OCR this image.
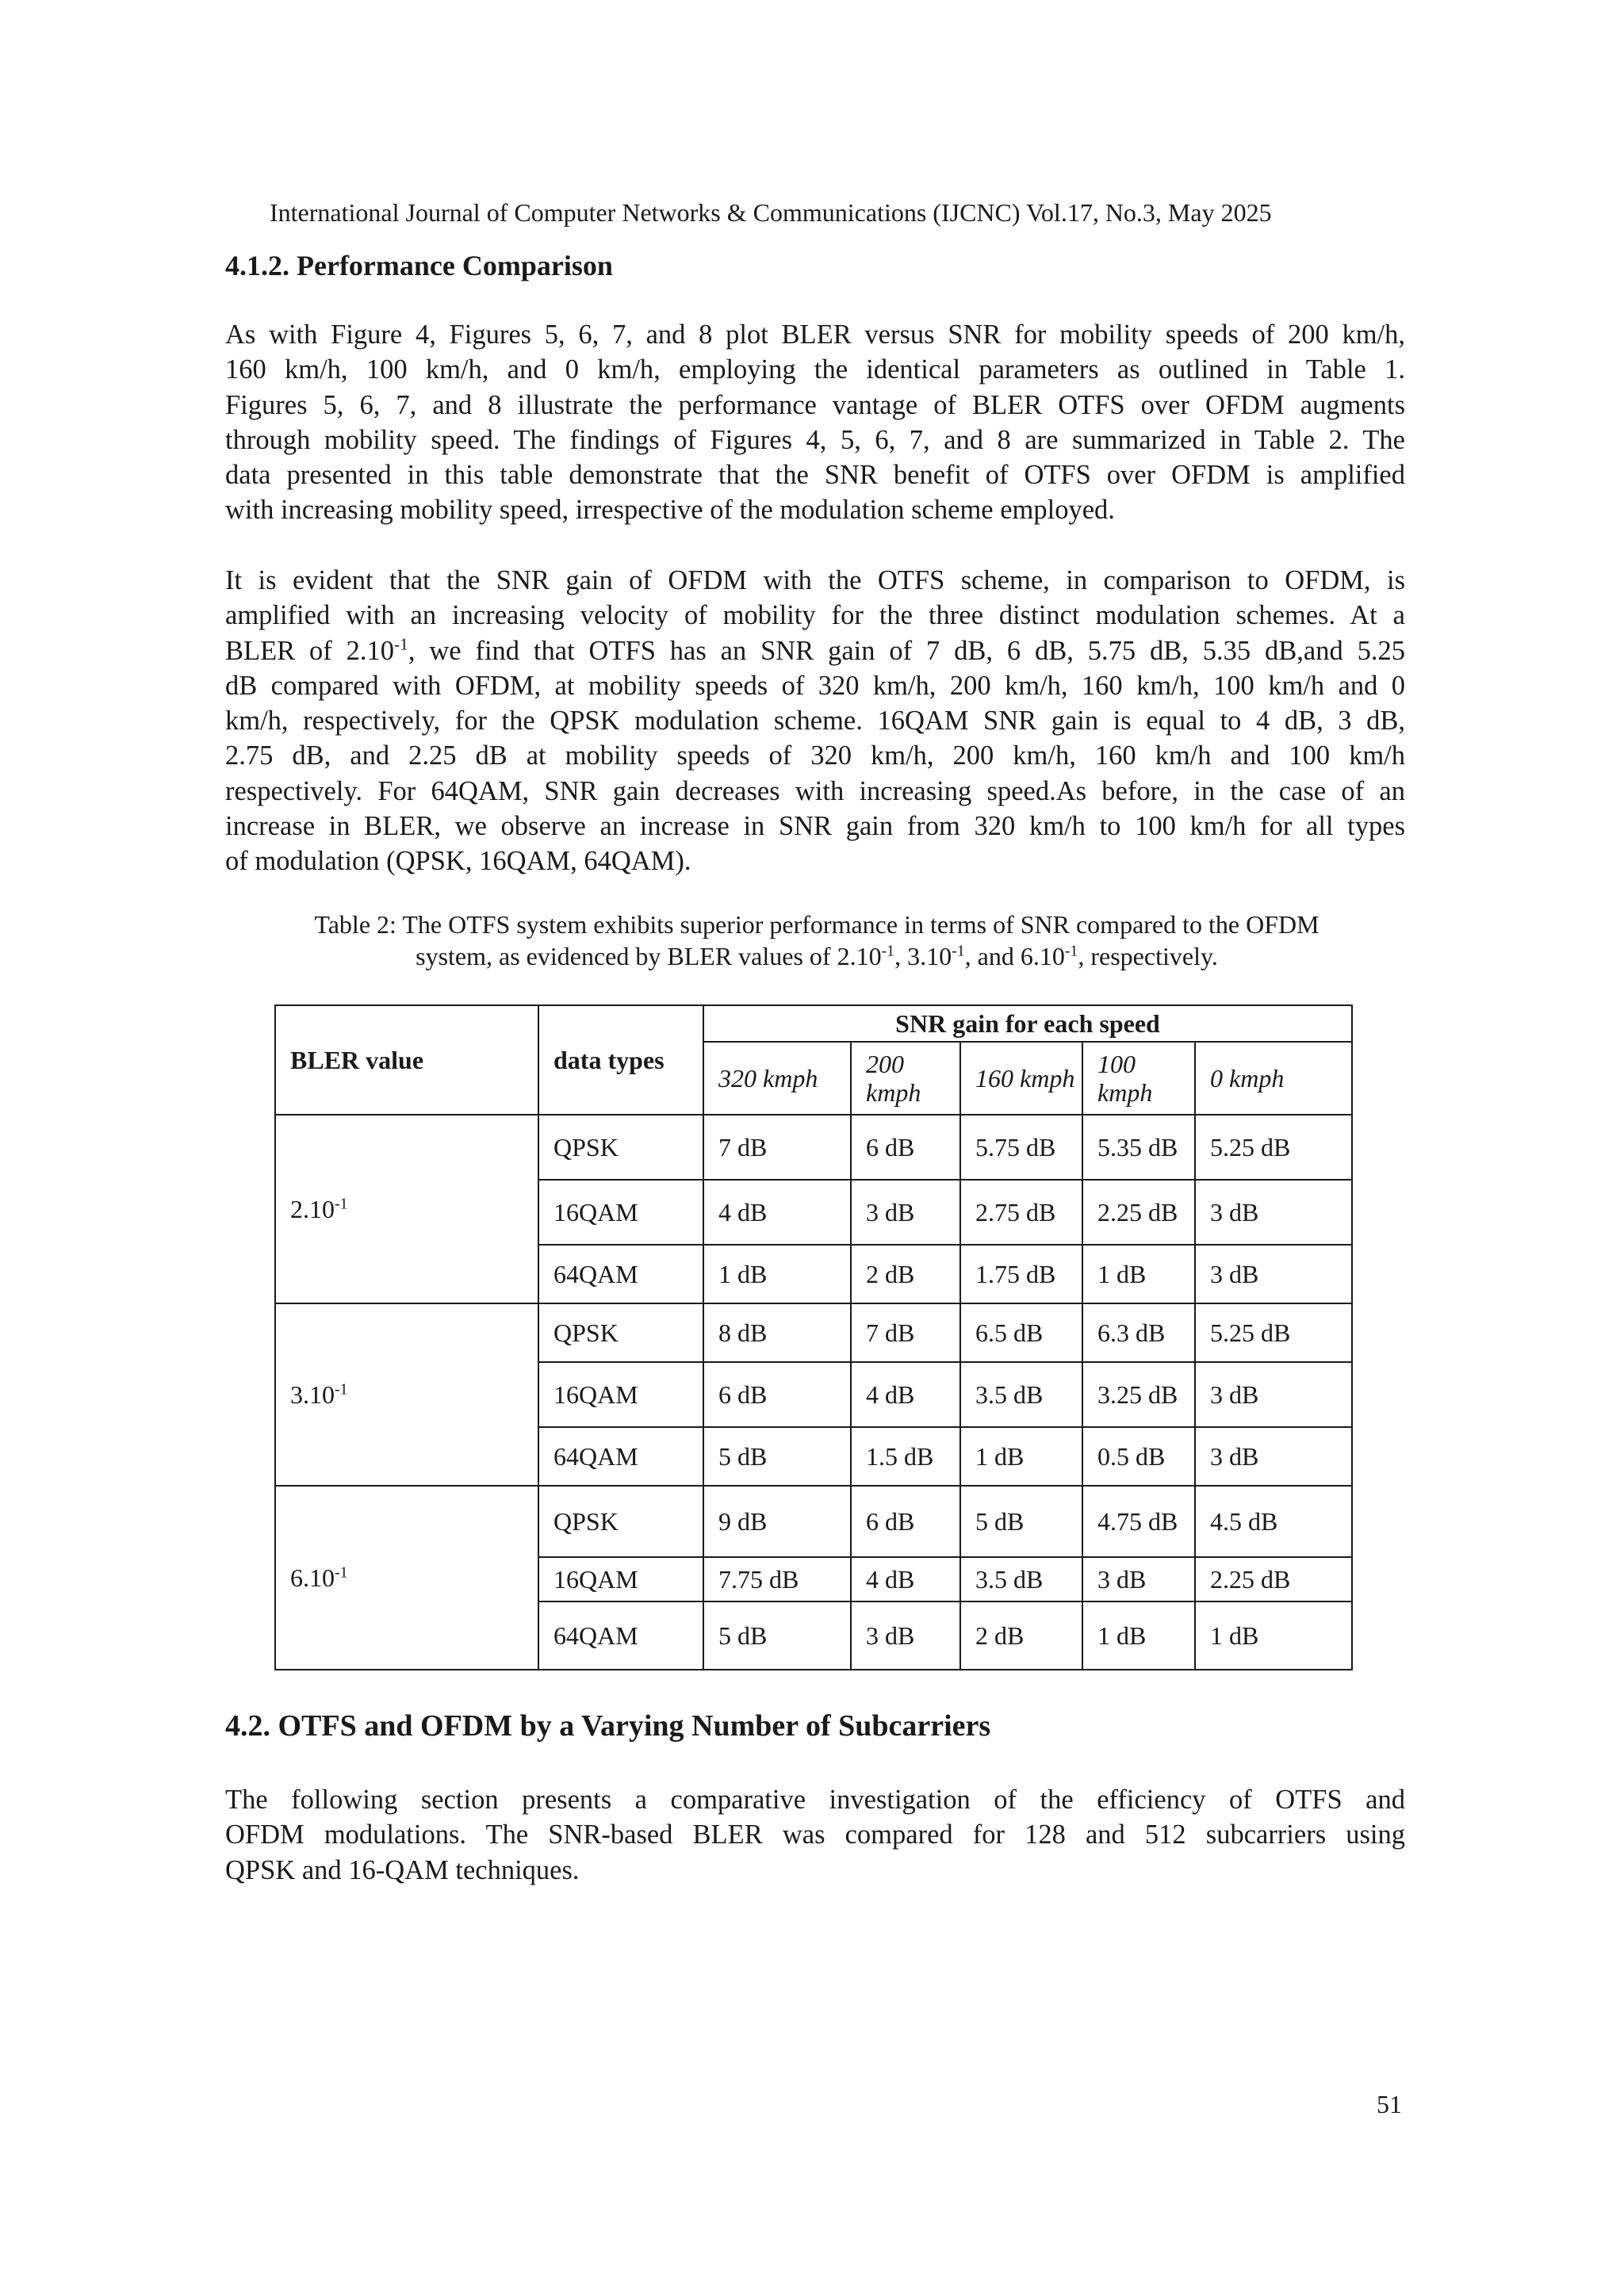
International Journal of Computer Networks & Communications (IJCNC) Vol.17, No.3, May 2025
4.1.2. Performance Comparison
As with Figure 4, Figures 5, 6, 7, and 8 plot BLER versus SNR for mobility speeds of 200 km/h,
160 km/h, 100 km/h, and 0 km/h, employing the identical parameters as outlined in Table 1.
Figures 5, 6, 7, and 8 illustrate the performance vantage of BLER OTFS over OFDM augments
through mobility speed. The findings of Figures 4, 5, 6, 7, and 8 are summarized in Table 2. The
data presented in this table demonstrate that the SNR benefit of OTFS over OFDM is amplified
with increasing mobility speed, irrespective of the modulation scheme employed.
It is evident that the SNR gain of OFDM with the OTFS scheme, in comparison to OFDM, is
amplified with an increasing velocity of mobility for the three distinct modulation schemes. At a
BLER of $2.10^{-1}$, we find that OTFS has an SNR gain of 7 dB, 6 dB, 5.75 dB, 5.35 dB,and 5.25
dB compared with OFDM, at mobility speeds of 320 km/h, 200 km/h, 160 km/h, 100 km/h and 0
km/h, respectively, for the QPSK modulation scheme. 16QAM SNR gain is equal to 4 dB, 3 dB,
2.75 dB, and 2.25 dB at mobility speeds of 320 km/h, 200 km/h, 160 km/h and 100 km/h
respectively. For 64QAM, SNR gain decreases with increasing speed.As before, in the case of an
increase in BLER, we observe an increase in SNR gain from 320 km/h to 100 km/h for all types
of modulation (QPSK, 16QAM, 64QAM).
Table 2: The OTFS system exhibits superior performance in terms of SNR compared to the OFDM
system, as evidenced by BLER values of $2.10^{-1}$, $3.10^{-1}$, and $6.10^{-1}$, respectively.
BLER value	data types	SNR gain for each speed				
		320 kmph	200 kmph	160 kmph	100 kmph	0 kmph
$2.10^{-1}$	QPSK	7 dB	6 dB	5.75 dB	5.35 dB	5.25 dB
	16QAM	4 dB	3 dB	2.75 dB	2.25 dB	3 dB
	64QAM	1 dB	2 dB	1.75 dB	1 dB	3 dB
$3.10^{-1}$	QPSK	8 dB	7 dB	6.5 dB	6.3 dB	5.25 dB
	16QAM	6 dB	4 dB	3.5 dB	3.25 dB	3 dB
	64QAM	5 dB	1.5 dB	1 dB	0.5 dB	3 dB
$6.10^{-1}$	QPSK	9 dB	6 dB	5 dB	4.75 dB	4.5 dB
	16QAM	7.75 dB	4 dB	3.5 dB	3 dB	2.25 dB
	64QAM	5 dB	3 dB	2 dB	1 dB	1 dB
4.2. OTFS and OFDM by a Varying Number of Subcarriers
The following section presents a comparative investigation of the efficiency of OTFS and
OFDM modulations. The SNR-based BLER was compared for 128 and 512 subcarriers using
QPSK and 16-QAM techniques.
51
